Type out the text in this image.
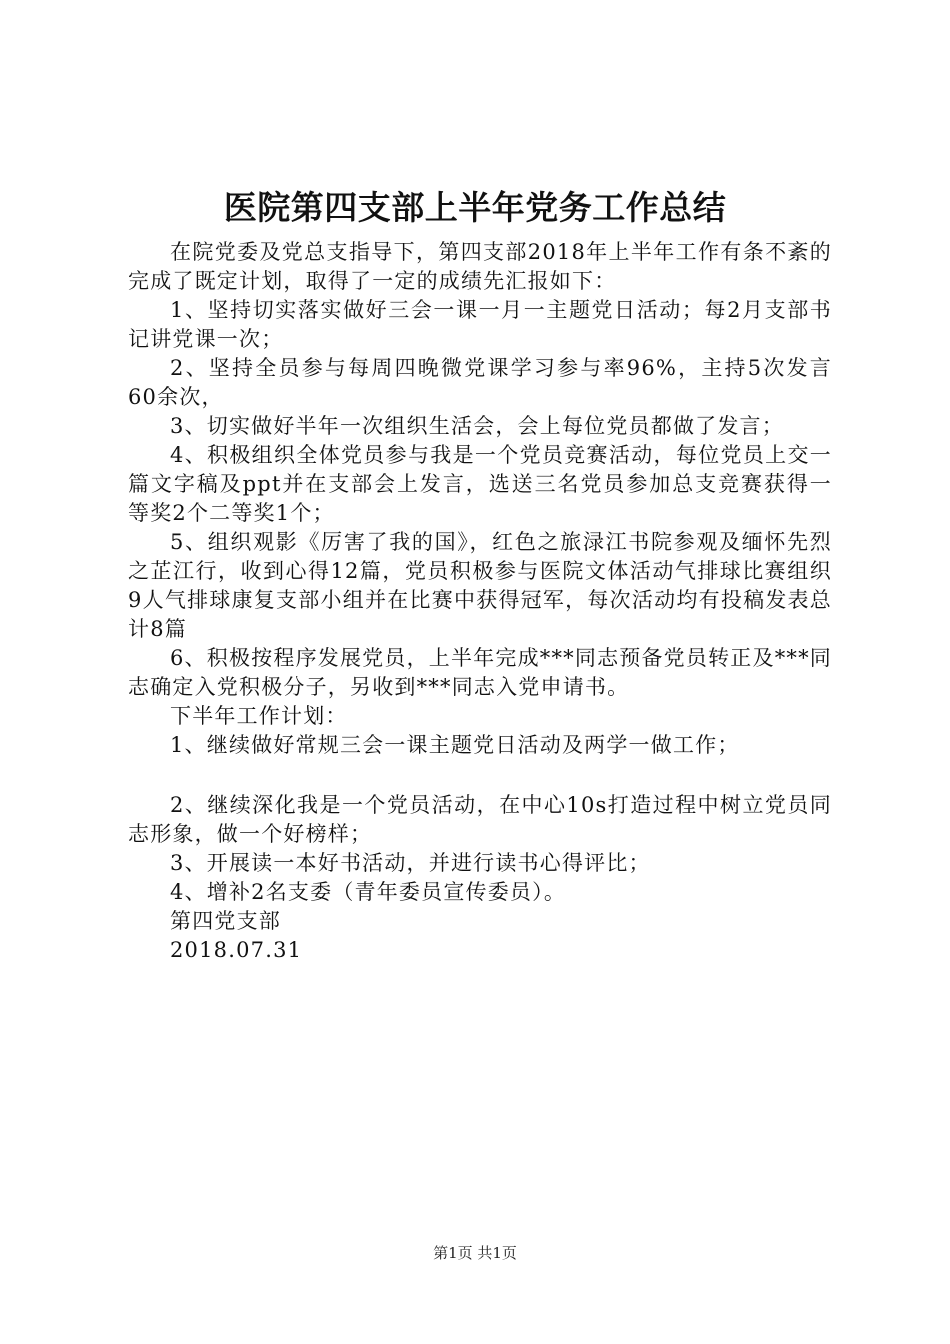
医院第四支部上半年党务工作总结

在院党委及党总支指导下，第四支部2018年上半年工作有条不紊的完成了既定计划，取得了一定的成绩先汇报如下：

1、坚持切实落实做好三会一课一月一主题党日活动；每2月支部书记讲党课一次；

2、坚持全员参与每周四晚微党课学习参与率96%，主持5次发言60余次，

3、切实做好半年一次组织生活会，会上每位党员都做了发言；

4、积极组织全体党员参与我是一个党员竞赛活动，每位党员上交一篇文字稿及ppt并在支部会上发言，选送三名党员参加总支竞赛获得一等奖2个二等奖1个；

5、组织观影《厉害了我的国》，红色之旅渌江书院参观及缅怀先烈之芷江行，收到心得12篇，党员积极参与医院文体活动气排球比赛组织9人气排球康复支部小组并在比赛中获得冠军，每次活动均有投稿发表总计8篇

6、积极按程序发展党员，上半年完成***同志预备党员转正及***同志确定入党积极分子，另收到***同志入党申请书。

下半年工作计划：

1、继续做好常规三会一课主题党日活动及两学一做工作；

2、继续深化我是一个党员活动，在中心10s打造过程中树立党员同志形象，做一个好榜样；

3、开展读一本好书活动，并进行读书心得评比；

4、增补2名支委（青年委员宣传委员）。

第四党支部

2018.07.31

第1页 共1页
